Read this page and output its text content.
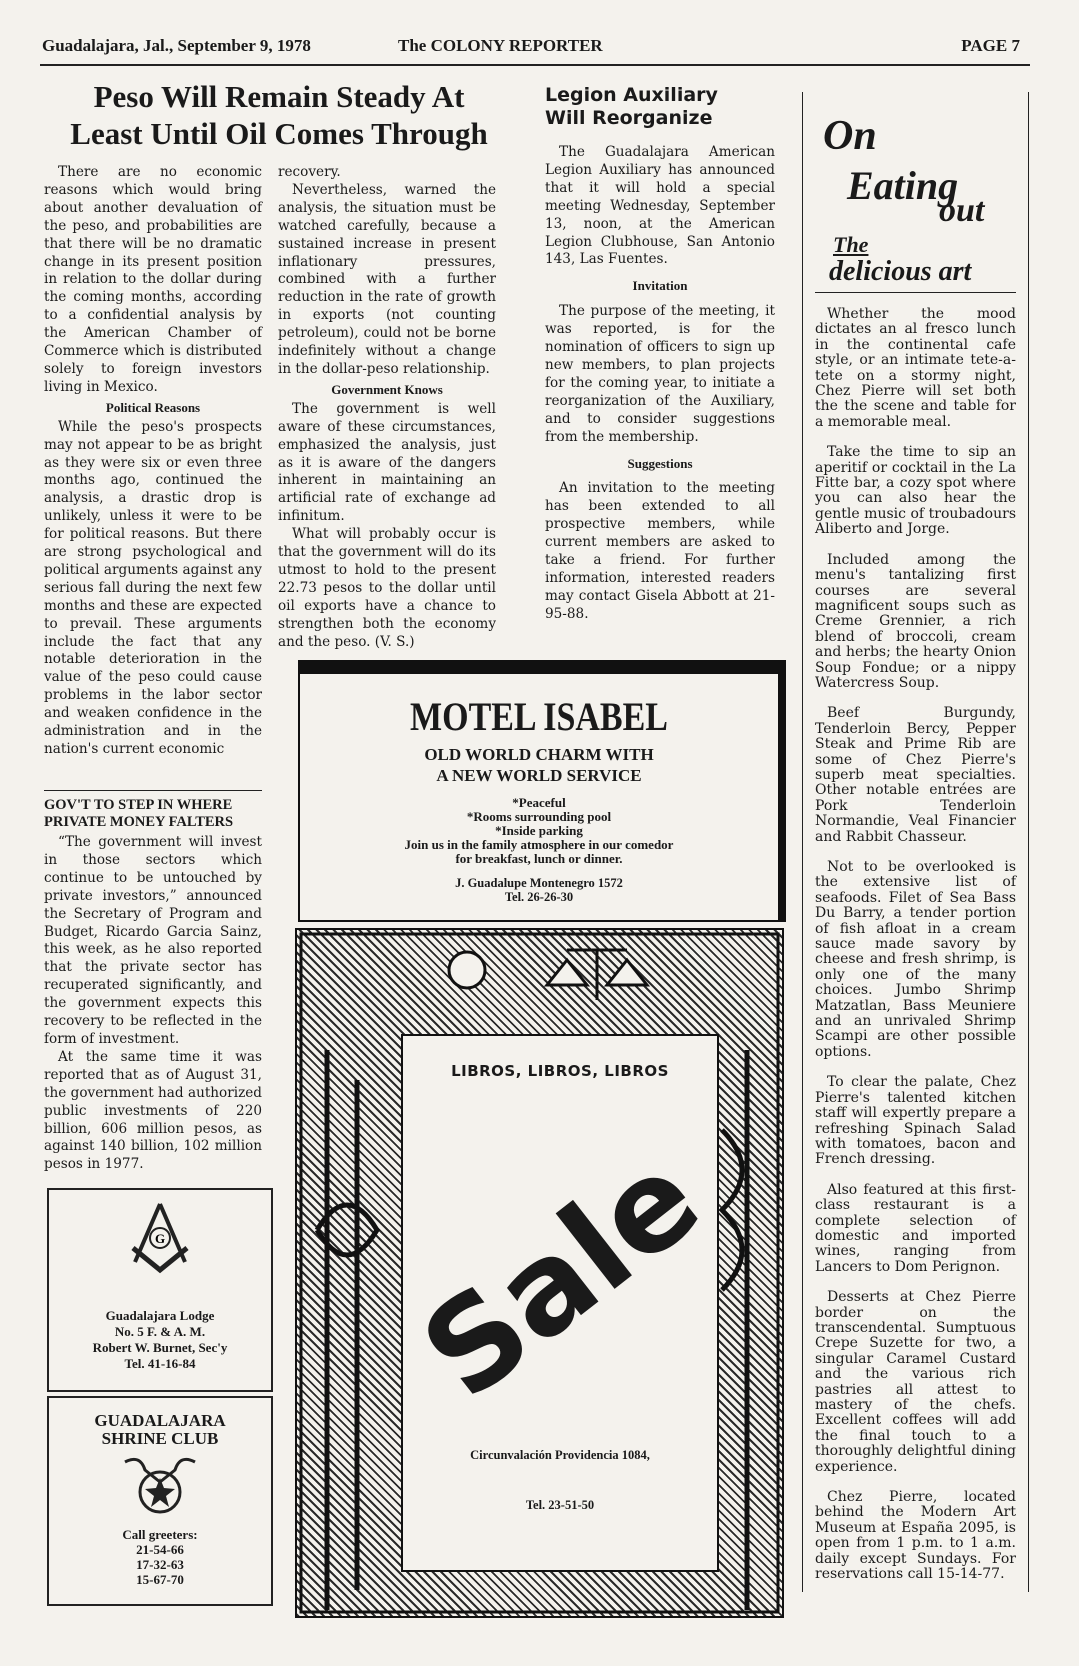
Guadalajara, Jal., September 9, 1978	The COLONY REPORTER	PAGE 7
Peso Will Remain Steady At
Least Until Oil Comes Through

There are no economic reasons which would bring about another devaluation of the peso, and probabilities are that there will be no dramatic change in its present position in relation to the dollar during the coming months, according to a confidential analysis by the American Chamber of Commerce which is distributed solely to foreign investors living in Mexico.

Political Reasons

While the peso's prospects may not appear to be as bright as they were six or even three months ago, continued the analysis, a drastic drop is unlikely, unless it were to be for political reasons. But there are strong psychological and political arguments against any serious fall during the next few months and these are expected to prevail. These arguments include the fact that any notable deterioration in the value of the peso could cause problems in the labor sector and weaken confidence in the administration and in the nation's current economic

recovery.

Nevertheless, warned the analysis, the situation must be watched carefully, because a sustained increase in present inflationary pressures, combined with a further reduction in the rate of growth in exports (not counting petroleum), could not be borne indefinitely without a change in the dollar-peso relationship.

Government Knows

The government is well aware of these circumstances, emphasized the analysis, just as it is aware of the dangers inherent in maintaining an artificial rate of exchange ad infinitum.

What will probably occur is that the government will do its utmost to hold to the present 22.73 pesos to the dollar until oil exports have a chance to strengthen both the economy and the peso. (V. S.)

GOV'T TO STEP IN WHERE
PRIVATE MONEY FALTERS

“The government will invest in those sectors which continue to be untouched by private investors,” announced the Secretary of Program and Budget, Ricardo Garcia Sainz, this week, as he also reported that the private sector has recuperated significantly, and the government expects this recovery to be reflected in the form of investment.

At the same time it was reported that as of August 31, the government had authorized public investments of 220 billion, 606 million pesos, as against 140 billion, 102 million pesos in 1977.

G
Guadalajara Lodge
No. 5 F. & A. M.
Robert W. Burnet, Sec'y
Tel. 41-16-84
GUADALAJARA
SHRINE CLUB
Call greeters:
21-54-66
17-32-63
15-67-70
Legion Auxiliary
Will Reorganize

The Guadalajara American Legion Auxiliary has announced that it will hold a special meeting Wednesday, September 13, noon, at the American Legion Clubhouse, San Antonio 143, Las Fuentes.

Invitation

The purpose of the meeting, it was reported, is for the nomination of officers to sign up new members, to plan projects for the coming year, to initiate a reorganization of the Auxiliary, and to consider suggestions from the membership.

Suggestions

An invitation to the meeting has been extended to all prospective members, while current members are asked to take a friend. For further information, interested readers may contact Gisela Abbott at 21-95-88.

MOTEL ISABEL
OLD WORLD CHARM WITH
A NEW WORLD SERVICE
*Peaceful
*Rooms surrounding pool
*Inside parking
Join us in the family atmosphere in our comedor
for breakfast, lunch or dinner.
J. Guadalupe Montenegro 1572
Tel. 26-26-30
LIBROS, LIBROS, LIBROS
Sale
Circunvalación Providencia 1084,
Tel. 23-51-50
On
Eating
out
The
delicious art

Whether the mood dictates an al fresco lunch in the continental cafe style, or an intimate tete-a-tete on a stormy night, Chez Pierre will set both the the scene and table for a memorable meal.

Take the time to sip an aperitif or cocktail in the La Fitte bar, a cozy spot where you can also hear the gentle music of troubadours Aliberto and Jorge.

Included among the menu's tantalizing first courses are several magnificent soups such as Creme Grennier, a rich blend of broccoli, cream and herbs; the hearty Onion Soup Fondue; or a nippy Watercress Soup.

Beef Burgundy, Tenderloin Bercy, Pepper Steak and Prime Rib are some of Chez Pierre's superb meat specialties. Other notable entrées are Pork Tenderloin Normandie, Veal Financier and Rabbit Chasseur.

Not to be overlooked is the extensive list of seafoods. Filet of Sea Bass Du Barry, a tender portion of fish afloat in a cream sauce made savory by cheese and fresh shrimp, is only one of the many choices. Jumbo Shrimp Matzatlan, Bass Meuniere and an unrivaled Shrimp Scampi are other possible options.

To clear the palate, Chez Pierre's talented kitchen staff will expertly prepare a refreshing Spinach Salad with tomatoes, bacon and French dressing.

Also featured at this first-class restaurant is a complete selection of domestic and imported wines, ranging from Lancers to Dom Perignon.

Desserts at Chez Pierre border on the transcendental. Sumptuous Crepe Suzette for two, a singular Caramel Custard and the various rich pastries all attest to mastery of the chefs. Excellent coffees will add the final touch to a thoroughly delightful dining experience.

Chez Pierre, located behind the Modern Art Museum at España 2095, is open from 1 p.m. to 1 a.m. daily except Sundays. For reservations call 15-14-77.
